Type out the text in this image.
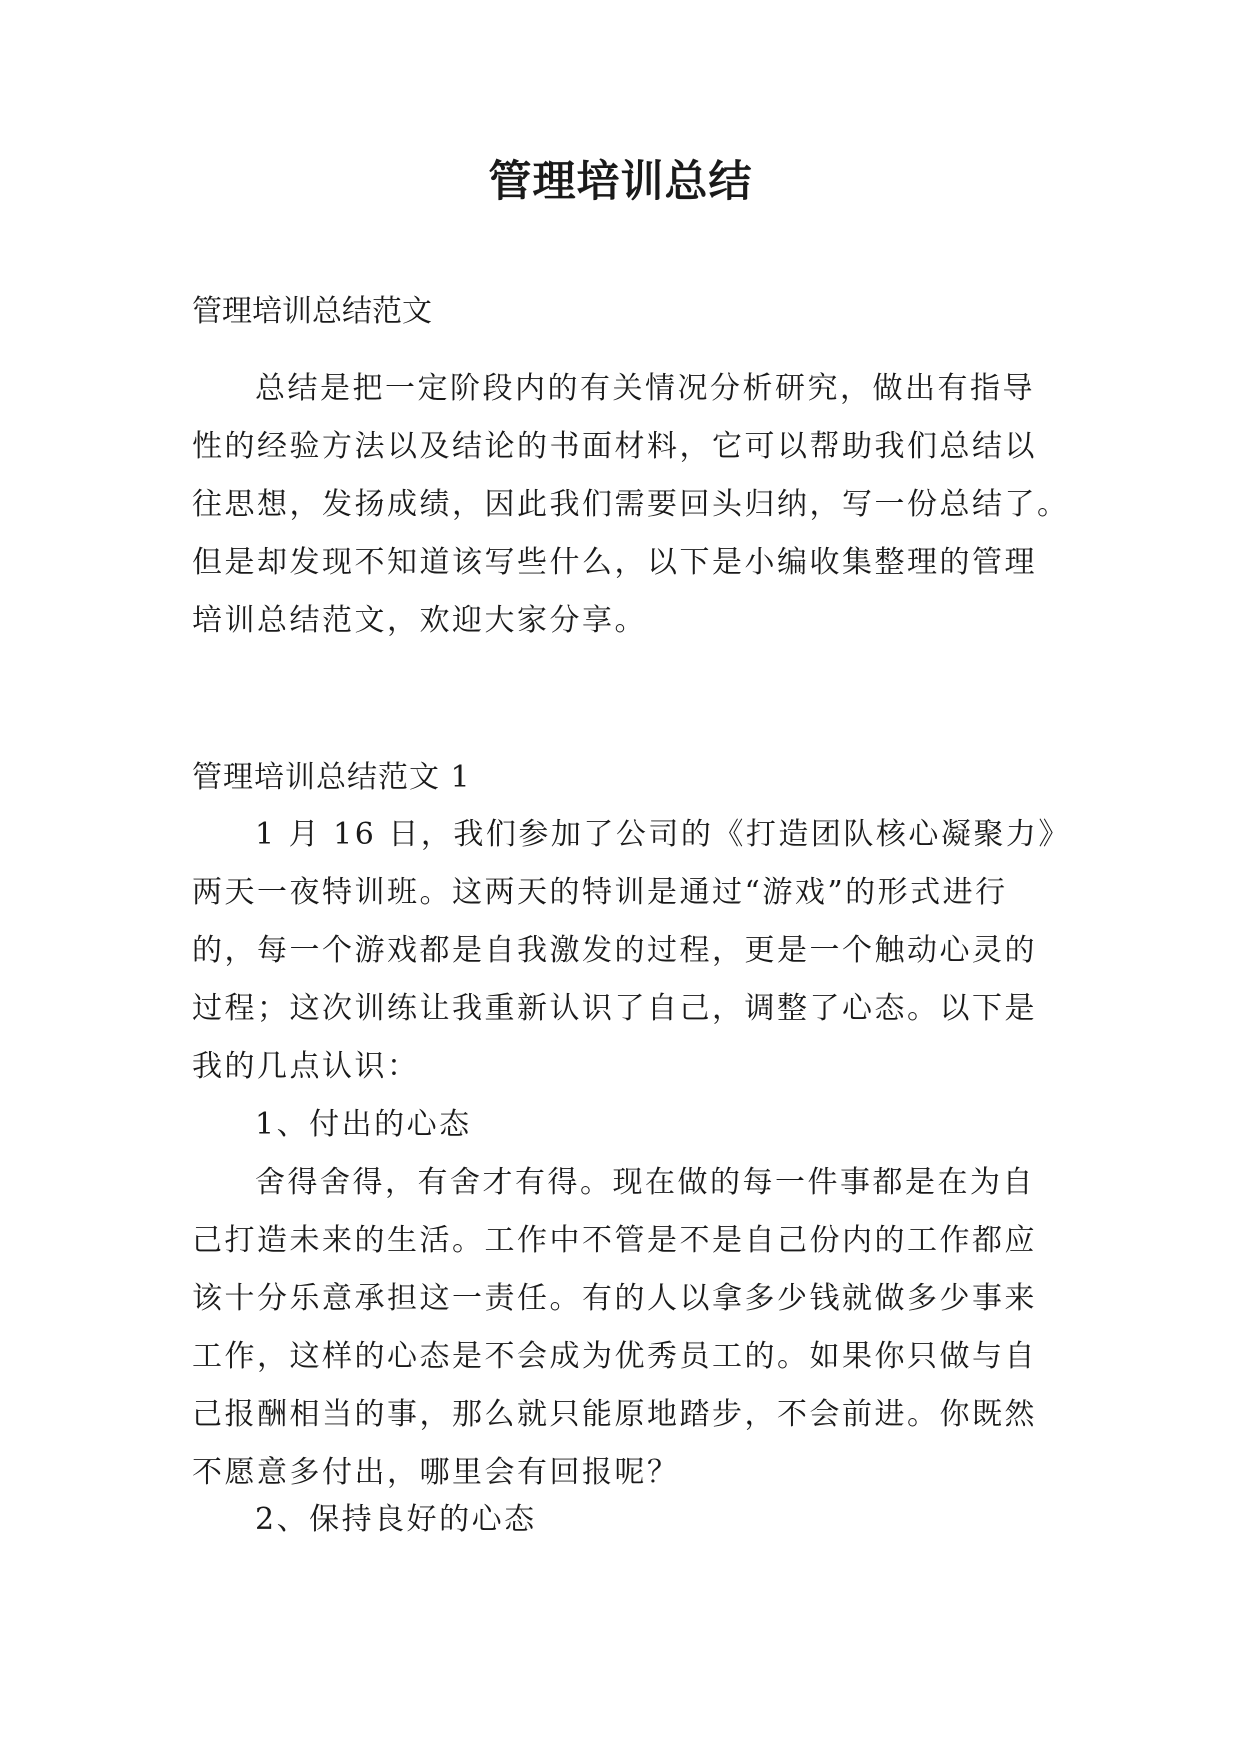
管理培训总结

管理培训总结范文

总结是把一定阶段内的有关情况分析研究，做出有指导
性的经验方法以及结论的书面材料，它可以帮助我们总结以
往思想，发扬成绩，因此我们需要回头归纳，写一份总结了。
但是却发现不知道该写些什么，以下是小编收集整理的管理
培训总结范文，欢迎大家分享。

管理培训总结范文 1

1 月 16 日，我们参加了公司的《打造团队核心凝聚力》
两天一夜特训班。这两天的特训是通过“游戏”的形式进行
的，每一个游戏都是自我激发的过程，更是一个触动心灵的
过程；这次训练让我重新认识了自己，调整了心态。以下是
我的几点认识：

1、付出的心态

舍得舍得，有舍才有得。现在做的每一件事都是在为自
己打造未来的生活。工作中不管是不是自己份内的工作都应
该十分乐意承担这一责任。有的人以拿多少钱就做多少事来
工作，这样的心态是不会成为优秀员工的。如果你只做与自
己报酬相当的事，那么就只能原地踏步，不会前进。你既然
不愿意多付出，哪里会有回报呢？

2、保持良好的心态
